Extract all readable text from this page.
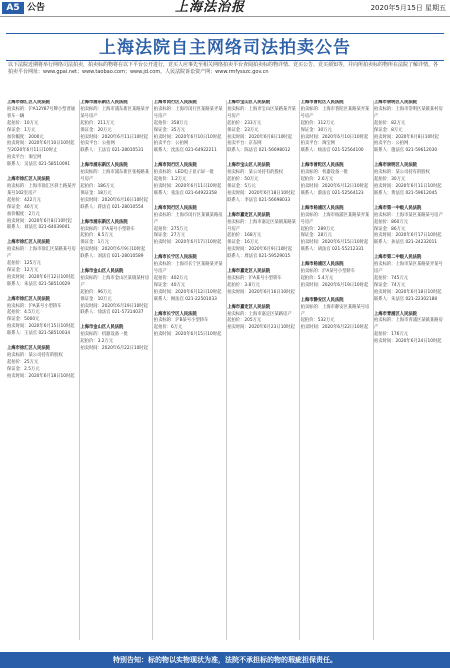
A5 公告	上海法治报	2020年5月15日 星期五
上海法院自主网络司法拍卖公告
以下法院近期将举行网络司法拍卖，拍卖标的物将在以下平台公开进行，竞买人应事先至相关网络拍卖平台查阅拍卖标的物详情、竞买公告、竞买须知等，并向所拍卖标的物所在法院了解详情。各拍卖平台网址：www.gpai.net；www.taobao.com；www.jd.com。人民法院诉讼资产网：www.rmfysszc.gov.cn
上海市徐汇区人民法院
拍卖标的：沪A12Y87号牌小型普通客车一辆
起拍价：10万元
保证金：1万元
加价幅度：2000元
拍卖时间：2020年6月10日10时起至2020年6月11日10时止
拍卖平台：淘宝网
联系人：吴法官 021-58510091
上海市徐汇区人民法院
拍卖标的：上海市徐汇区斜土路某弄某号102室房产
起拍价：422万元
保证金：40万元
加价幅度：2万元
拍卖时间：2020年6月8日10时起
联系人：刘法官 021-64039001
上海市徐汇区人民法院
拍卖标的：上海市徐汇区某路某号房产
起拍价：125万元
保证金：12万元
拍卖时间：2020年6月12日10时起
联系人：朱法官 021-58510029
上海市徐汇区人民法院
拍卖标的：沪A某号小型轿车
起拍价：4.5万元
保证金：5000元
拍卖时间：2020年6月15日10时起
联系人：王法官 021-58510034
上海市徐汇区人民法院
拍卖标的：某公司持有的股权
起拍价：25万元
保证金：2.5万元
拍卖时间：2020年6月18日10时起
上海市浦东新区人民法院
拍卖标的：上海市浦东新区某路某弄某号房产
起拍价：211万元
保证金：20万元
拍卖时间：2020年6月11日10时起
拍卖平台：公拍网
联系人：王法官 021-28010531
上海市浦东新区人民法院
拍卖标的：上海市浦东新区张杨路某号房产
起拍价：186万元
保证金：18万元
拍卖时间：2020年6月16日10时起
联系人：蒋法官 021-28010554
上海市浦东新区人民法院
拍卖标的：沪A某号小型轿车
起拍价：8.5万元
保证金：1万元
拍卖时间：2020年6月9日10时起
联系人：刘法官 021-28010589
上海市金山区人民法院
拍卖标的：上海市金山区某镇某村房产
起拍价：96万元
保证金：10万元
拍卖时间：2020年6月19日10时起
联系人：徐法官 021-57314037
上海市金山区人民法院
拍卖标的：机器设备一批
起拍价：3.2万元
拍卖时间：2020年6月22日10时起
上海市闵行区人民法院
拍卖标的：上海市闵行区某路某弄某号房产
起拍价：358万元
保证金：35万元
拍卖时间：2020年6月10日10时起
拍卖平台：公拍网
联系人：沈法官 021-64922211
上海市闵行区人民法院
拍卖标的：LED电子显示屏一批
起拍价：1.2万元
拍卖时间：2020年6月11日10时起
联系人：张法官 021-64922358
上海市闵行区人民法院
拍卖标的：上海市闵行区某镇某路房产
起拍价：275万元
保证金：27万元
拍卖时间：2020年6月17日10时起
上海市长宁区人民法院
拍卖标的：上海市长宁区某路某弄某号房产
起拍价：402万元
保证金：40万元
拍卖时间：2020年6月12日10时起
联系人：顾法官 021-22501033
上海市长宁区人民法院
拍卖标的：沪B某号小型轿车
起拍价：6万元
拍卖时间：2020年6月15日10时起
上海市宝山区人民法院
拍卖标的：上海市宝山区某路某弄某号房产
起拍价：233万元
保证金：23万元
拍卖时间：2020年6月8日10时起
拍卖平台：京东网
联系人：陈法官 021-56698012
上海市宝山区人民法院
拍卖标的：某公司持有的股权
起拍价：50万元
保证金：5万元
拍卖时间：2020年6月18日10时起
联系人：李法官 021-56698033
上海市嘉定区人民法院
拍卖标的：上海市嘉定区某镇某路某号房产
起拍价：168万元
保证金：16万元
拍卖时间：2020年6月9日10时起
联系人：周法官 021-59529015
上海市嘉定区人民法院
拍卖标的：沪A某号小型轿车
起拍价：3.8万元
拍卖时间：2020年6月16日10时起
上海市嘉定区人民法院
拍卖标的：上海市嘉定区某路房产
起拍价：205万元
拍卖时间：2020年6月23日10时起
上海市普陀区人民法院
拍卖标的：上海市普陀区某路某弄某号房产
起拍价：312万元
保证金：30万元
拍卖时间：2020年6月10日10时起
拍卖平台：淘宝网
联系人：杨法官 021-52564100
上海市普陀区人民法院
拍卖标的：机器设备一批
起拍价：2.6万元
拍卖时间：2020年6月12日10时起
联系人：蔡法官 021-52564123
上海市杨浦区人民法院
拍卖标的：上海市杨浦区某路某弄某号房产
起拍价：289万元
保证金：28万元
拍卖时间：2020年6月15日10时起
联系人：胡法官 021-55212331
上海市杨浦区人民法院
拍卖标的：沪A某号小型轿车
起拍价：5.4万元
拍卖时间：2020年6月19日10时起
上海市静安区人民法院
拍卖标的：上海市静安区某路某号房产
起拍价：532万元
拍卖时间：2020年6月22日10时起
上海市崇明区人民法院
拍卖标的：上海市崇明区某镇某村房产
起拍价：82万元
保证金：8万元
拍卖时间：2020年6月8日10时起
拍卖平台：公拍网
联系人：施法官 021-59612030
上海市崇明区人民法院
拍卖标的：某公司持有的股权
起拍价：30万元
拍卖时间：2020年6月11日10时起
联系人：黄法官 021-59612045
上海市第一中级人民法院
拍卖标的：上海市某区某路某号房产
起拍价：860万元
保证金：86万元
拍卖时间：2020年6月17日10时起
联系人：孙法官 021-24232011
上海市第二中级人民法院
拍卖标的：上海市某区某路某弄某号房产
起拍价：745万元
保证金：74万元
拍卖时间：2020年6月18日10时起
联系人：朱法官 021-22302188
上海市青浦区人民法院
拍卖标的：上海市青浦区某镇某路房产
起拍价：176万元
拍卖时间：2020年6月24日10时起
特别告知：标的物以实物现状为准，法院不承担标的物的瑕疵担保责任。
